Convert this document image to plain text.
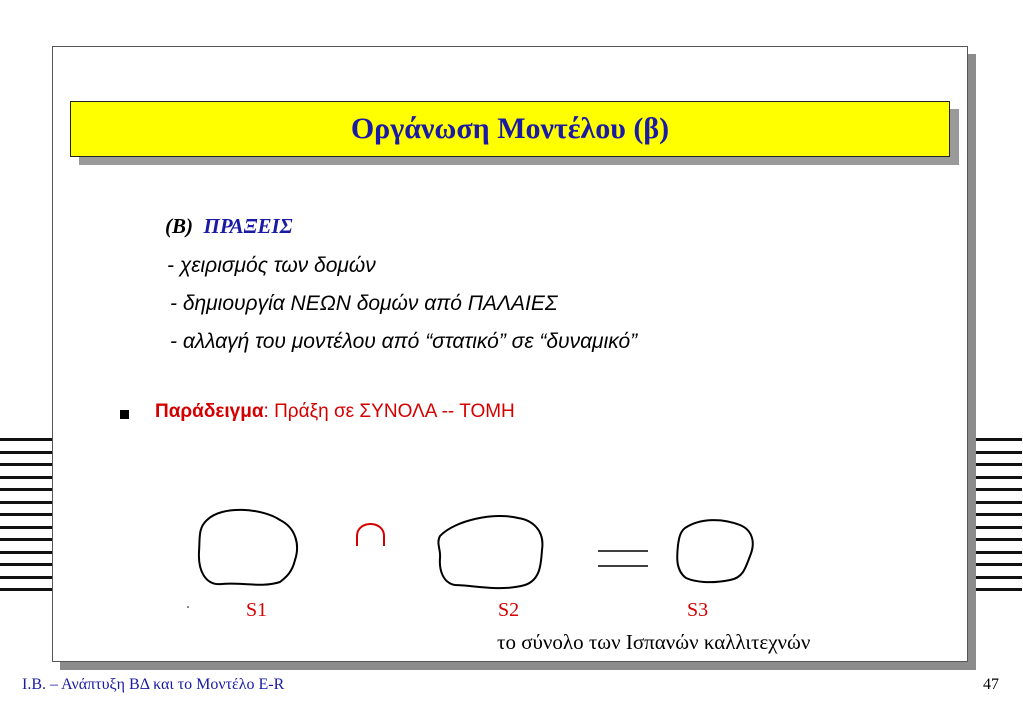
Οργάνωση Μοντέλου (β)
(Β) ΠΡΑΞΕΙΣ
- χειρισμός των δομών
- δημιουργία ΝΕΩΝ δομών από ΠΑΛΑΙΕΣ
- αλλαγή του μοντέλου από “στατικό” σε “δυναμικό”
Παράδειγμα: Πράξη σε ΣΥΝΟΛΑ -- ΤΟΜΗ
S1	S2	S3
το σύνολο των Ισπανών καλλιτεχνών
Ι.Β. – Ανάπτυξη ΒΔ και το Μοντέλο Ε-R	47
